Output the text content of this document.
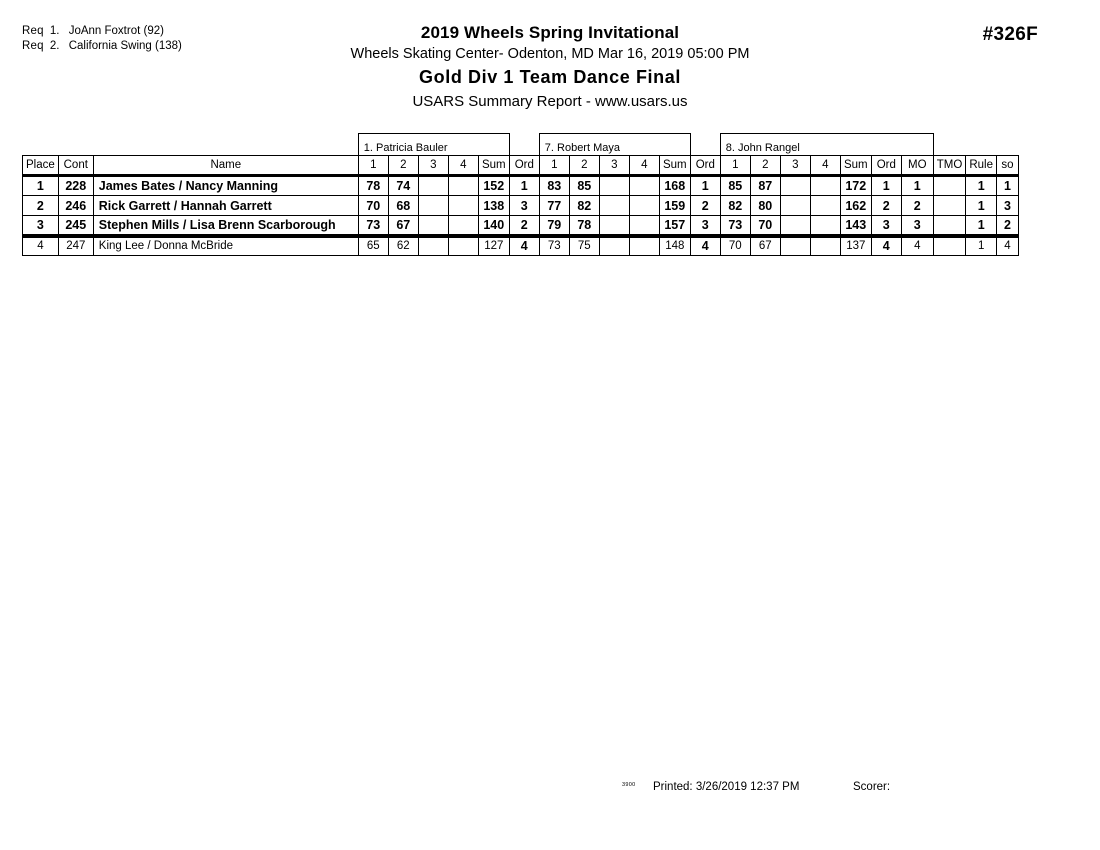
Req 1. JoAnn Foxtrot (92)
Req 2. California Swing (138)
2019 Wheels Spring Invitational
Wheels Skating Center- Odenton, MD Mar 16, 2019 05:00 PM
Gold Div 1 Team Dance Final
USARS Summary Report - www.usars.us
#326F
			1. Patricia Bauler						7. Robert Maya						8. John Rangel									
Place	Cont	Name	1	2	3	4	Sum	Ord	1	2	3	4	Sum	Ord	1	2	3	4	Sum	Ord	MO	TMO	Rule	so
1	228	James Bates / Nancy Manning	78	74			152	1	83	85			168	1	85	87			172	1	1		1	1
2	246	Rick Garrett / Hannah Garrett	70	68			138	3	77	82			159	2	82	80			162	2	2		1	3
3	245	Stephen Mills / Lisa Brenn Scarborough	73	67			140	2	79	78			157	3	73	70			143	3	3		1	2
4	247	King Lee / Donna McBride	65	62			127	4	73	75			148	4	70	67			137	4	4		1	4
3900 Printed: 3/26/2019 12:37 PM	Scorer:
